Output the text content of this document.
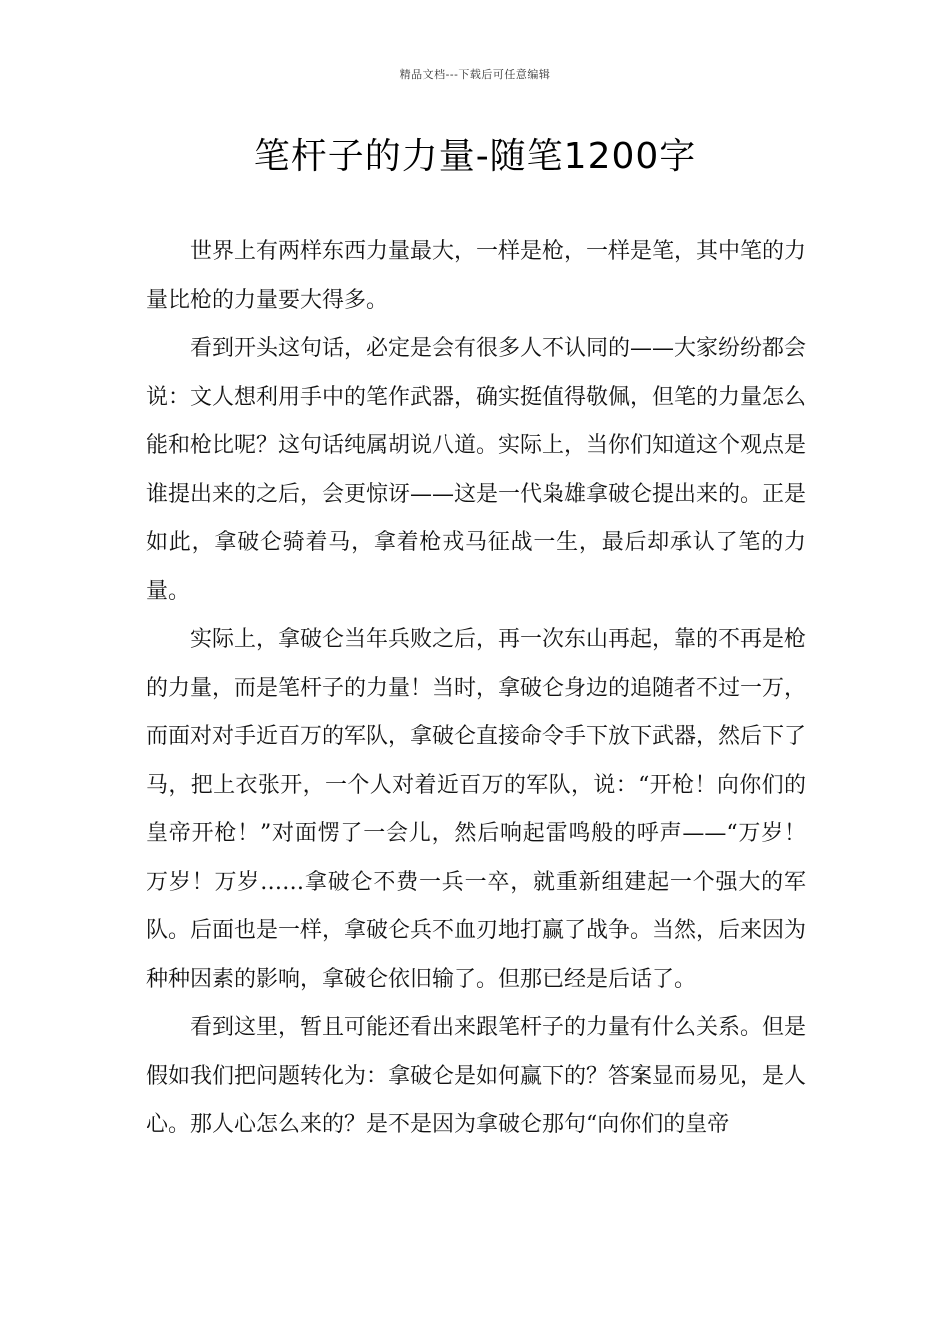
精品文档---下载后可任意编辑
笔杆子的力量-随笔1200字

世界上有两样东西力量最大，一样是枪，一样是笔，其中笔的力量比枪的力量要大得多。

看到开头这句话，必定是会有很多人不认同的——大家纷纷都会说：文人想利用手中的笔作武器，确实挺值得敬佩，但笔的力量怎么能和枪比呢？这句话纯属胡说八道。实际上，当你们知道这个观点是谁提出来的之后，会更惊讶——这是一代枭雄拿破仑提出来的。正是如此，拿破仑骑着马，拿着枪戎马征战一生，最后却承认了笔的力量。

实际上，拿破仑当年兵败之后，再一次东山再起，靠的不再是枪的力量，而是笔杆子的力量！当时，拿破仑身边的追随者不过一万，而面对对手近百万的军队，拿破仑直接命令手下放下武器，然后下了马，把上衣张开，一个人对着近百万的军队，说：“开枪！向你们的皇帝开枪！”对面愣了一会儿，然后响起雷鸣般的呼声——“万岁！万岁！万岁……拿破仑不费一兵一卒，就重新组建起一个强大的军队。后面也是一样，拿破仑兵不血刃地打赢了战争。当然，后来因为种种因素的影响，拿破仑依旧输了。但那已经是后话了。

看到这里，暂且可能还看出来跟笔杆子的力量有什么关系。但是假如我们把问题转化为：拿破仑是如何赢下的？答案显而易见，是人心。那人心怎么来的？是不是因为拿破仑那句“向你们的皇帝
